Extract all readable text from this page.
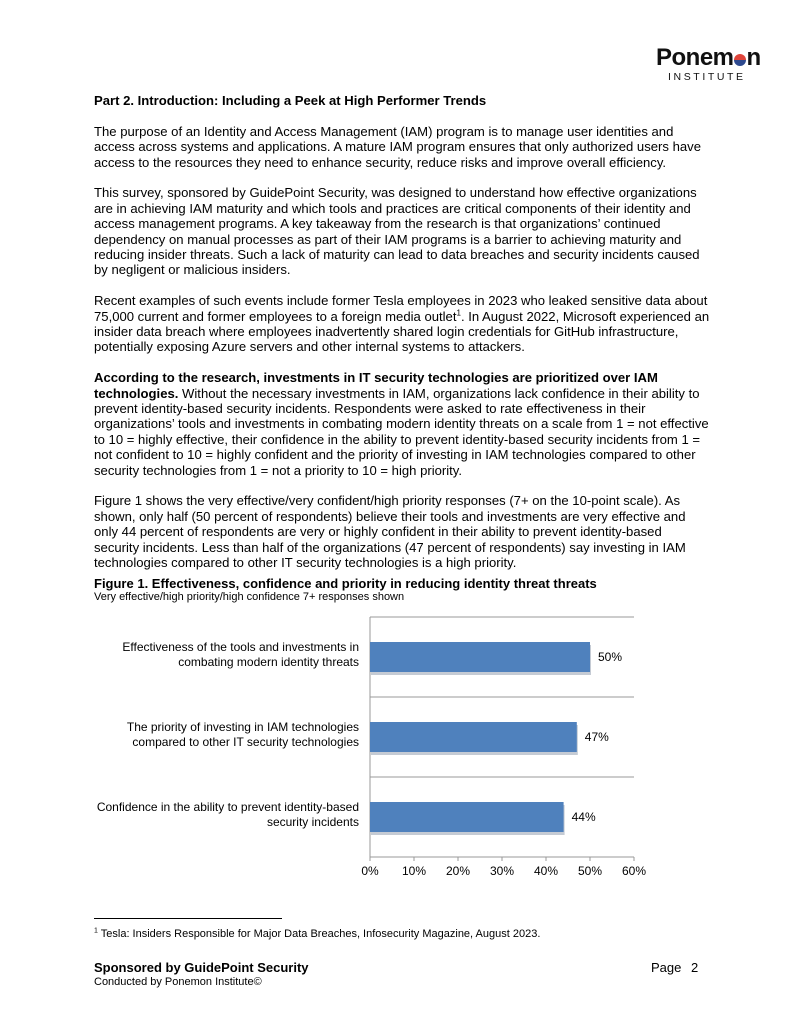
Ponem n
INSTITUTE
Part 2. Introduction: Including a Peek at High Performer Trends

The purpose of an Identity and Access Management (IAM) program is to manage user identities and access across systems and applications. A mature IAM program ensures that only authorized users have access to the resources they need to enhance security, reduce risks and improve overall efficiency.

This survey, sponsored by GuidePoint Security, was designed to understand how effective organizations are in achieving IAM maturity and which tools and practices are critical components of their identity and access management programs. A key takeaway from the research is that organizations’ continued dependency on manual processes as part of their IAM programs is a barrier to achieving maturity and reducing insider threats. Such a lack of maturity can lead to data breaches and security incidents caused by negligent or malicious insiders.

Recent examples of such events include former Tesla employees in 2023 who leaked sensitive data about 75,000 current and former employees to a foreign media outlet$^1$. In August 2022, Microsoft experienced an insider data breach where employees inadvertently shared login credentials for GitHub infrastructure, potentially exposing Azure servers and other internal systems to attackers.

According to the research, investments in IT security technologies are prioritized over IAM technologies. Without the necessary investments in IAM, organizations lack confidence in their ability to prevent identity-based security incidents. Respondents were asked to rate effectiveness in their organizations’ tools and investments in combating modern identity threats on a scale from 1 = not effective to 10 = highly effective, their confidence in the ability to prevent identity-based security incidents from 1 = not confident to 10 = highly confident and the priority of investing in IAM technologies compared to other security technologies from 1 = not a priority to 10 = high priority.

Figure 1 shows the very effective/very confident/high priority responses (7+ on the 10-point scale). As shown, only half (50 percent of respondents) believe their tools and investments are very effective and only 44 percent of respondents are very or highly confident in their ability to prevent identity-based security incidents. Less than half of the organizations (47 percent of respondents) say investing in IAM technologies compared to other IT security technologies is a high priority.

Figure 1. Effectiveness, confidence and priority in reducing identity threat threats
Very effective/high priority/high confidence 7+ responses shown
0% 10% 20% 30% 40% 50% 60%
50%
Effectiveness of the tools and investments in
combating modern identity threats
47%
The priority of investing in IAM technologies
compared to other IT security technologies
44%
Confidence in the ability to prevent identity-based
security incidents
$^1$ Tesla: Insiders Responsible for Major Data Breaches, Infosecurity Magazine, August 2023.
Sponsored by GuidePoint Security
Conducted by Ponemon Institute©
Page 2
